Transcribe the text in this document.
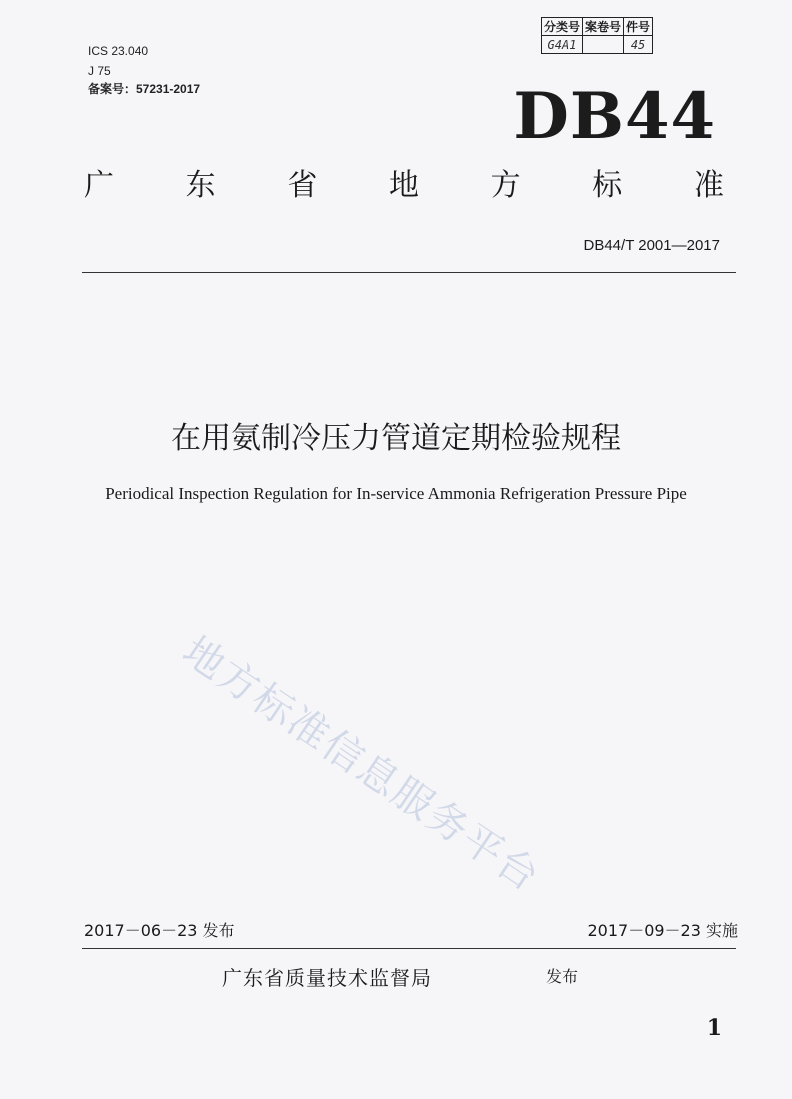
ICS 23.040
J 75
备案号：57231-2017
分类号	案卷号	件号
G4A1		45
DB44
广 东 省 地 方 标 准
DB44/T 2001—2017
在用氨制冷压力管道定期检验规程
Periodical Inspection Regulation for In-service Ammonia Refrigeration Pressure Pipe
地方标准信息服务平台
2017－06－23 发布	2017－09－23 实施
广东省质量技术监督局	发布
1
